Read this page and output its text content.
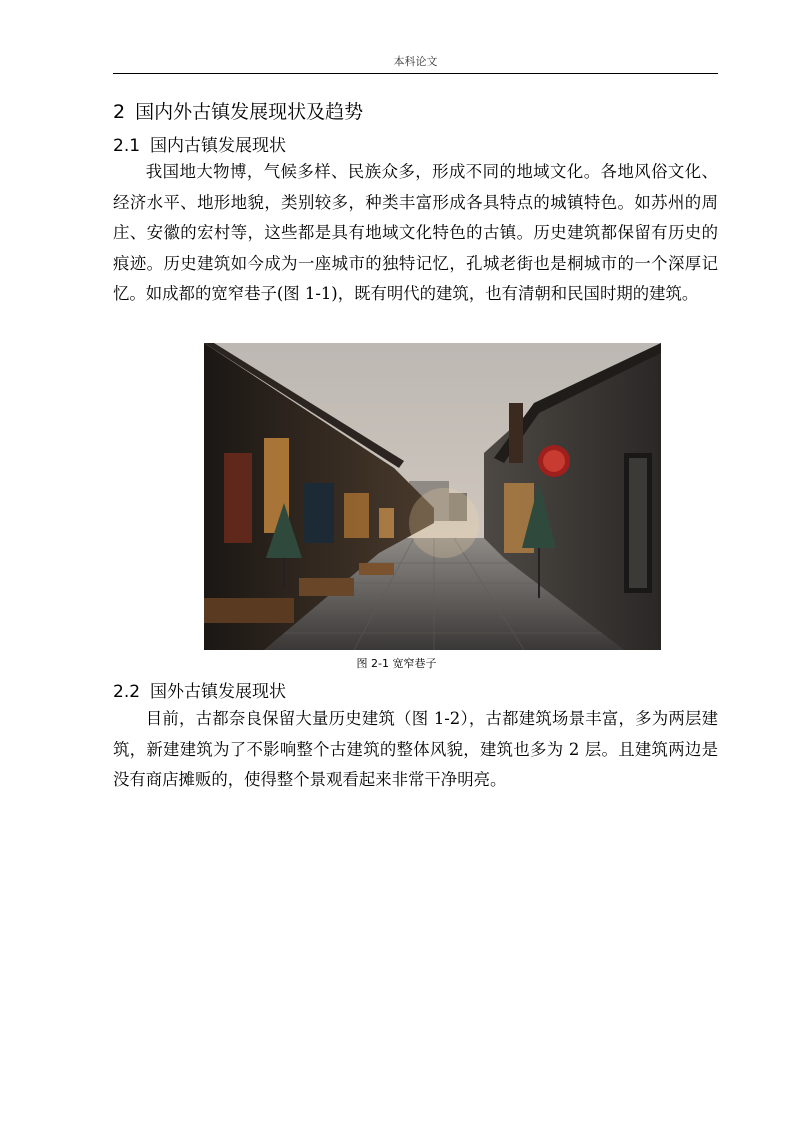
本科论文
2 国内外古镇发展现状及趋势
2.1 国内古镇发展现状

我国地大物博，气候多样、民族众多，形成不同的地域文化。各地风俗文化、经济水平、地形地貌，类别较多，种类丰富形成各具特点的城镇特色。如苏州的周庄、安徽的宏村等，这些都是具有地域文化特色的古镇。历史建筑都保留有历史的痕迹。历史建筑如今成为一座城市的独特记忆，孔城老街也是桐城市的一个深厚记忆。如成都的宽窄巷子(图 1-1)，既有明代的建筑，也有清朝和民国时期的建筑。

图 2-1 宽窄巷子
2.2 国外古镇发展现状

目前，古都奈良保留大量历史建筑（图 1-2），古都建筑场景丰富，多为两层建筑，新建建筑为了不影响整个古建筑的整体风貌，建筑也多为 2 层。且建筑两边是没有商店摊贩的，使得整个景观看起来非常干净明亮。
